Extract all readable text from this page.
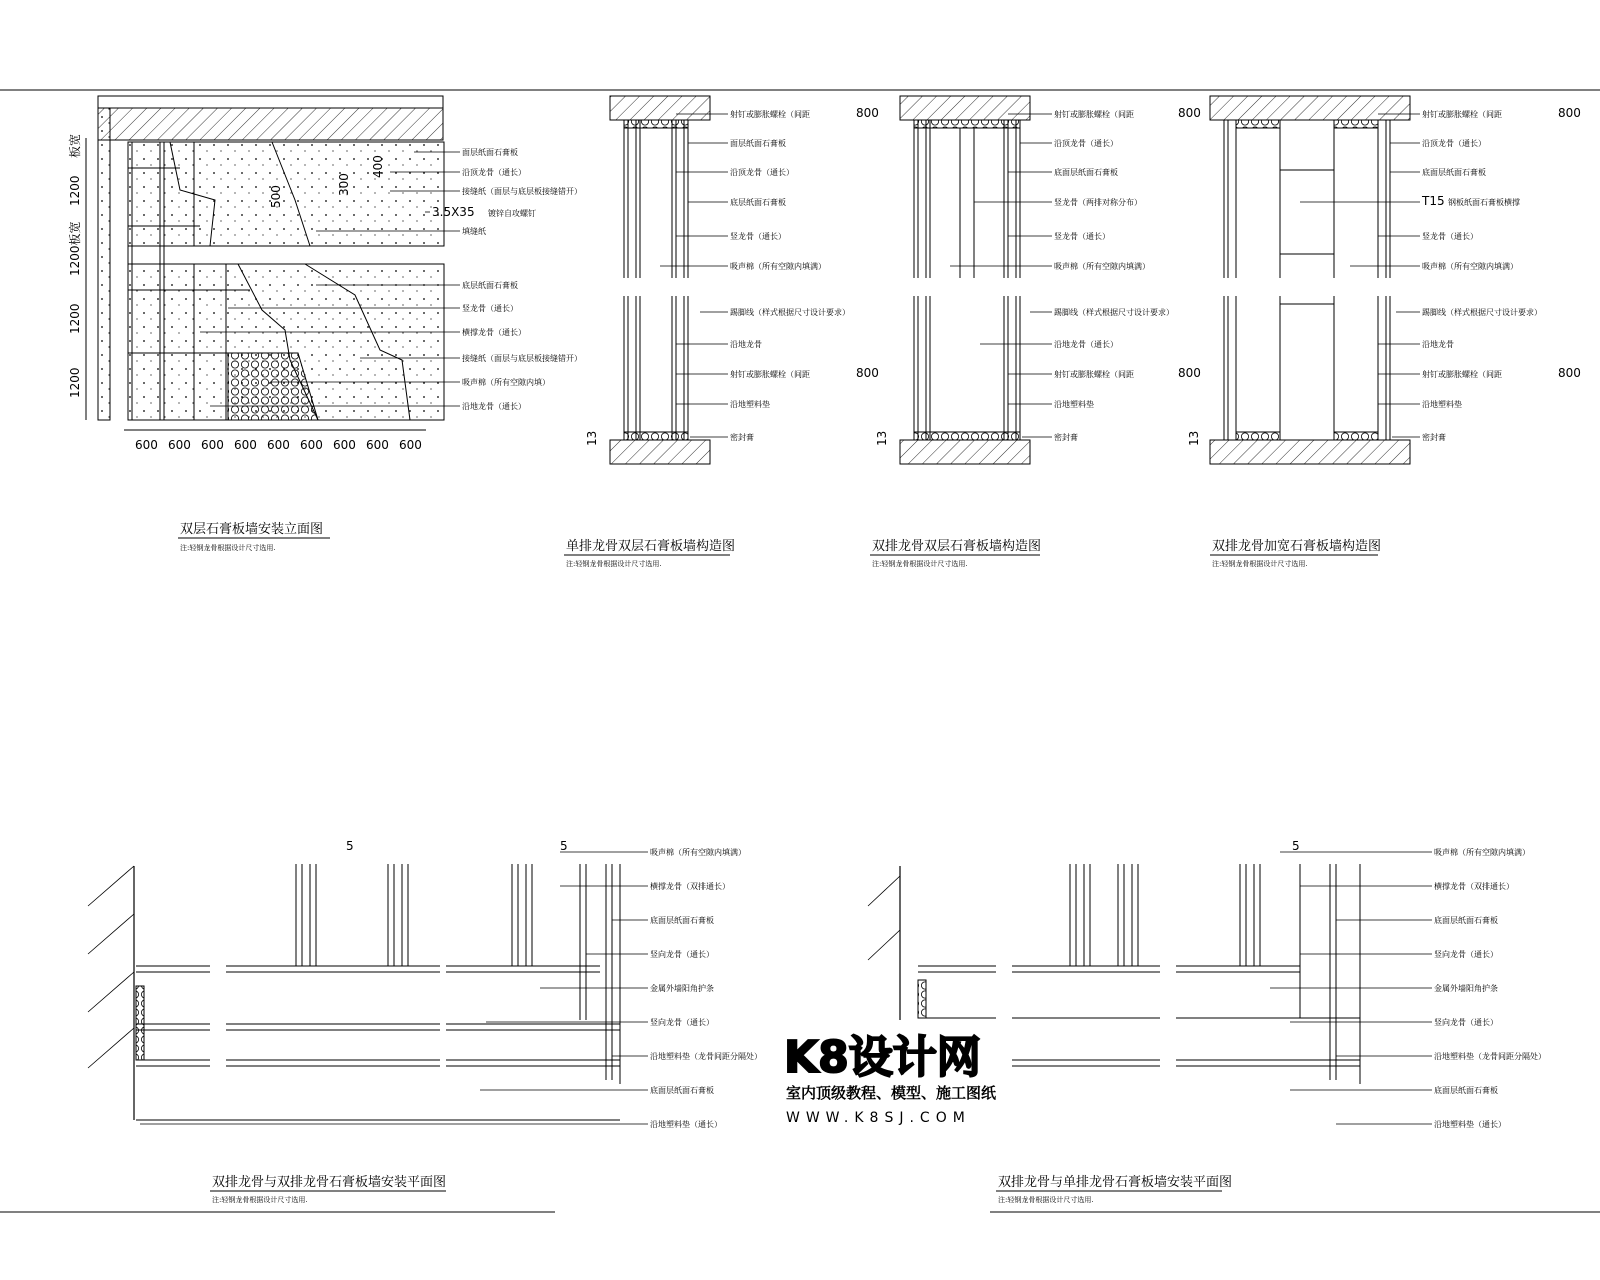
500
300
400
600 600 600 600 600 600 600 600 600
板宽
1200
1200板宽
1200
1200
面层纸面石膏板
沿顶龙骨（通长）
接缝纸（面层与底层板接缝错开）
3.5X35 镀锌自攻螺钉
填缝纸
底层纸面石膏板
竖龙骨（通长）
横撑龙骨（通长）
接缝纸（面层与底层板接缝错开）
吸声棉（所有空隙内填）
沿地龙骨（通长）
双层石膏板墙安装立面图
注:轻钢龙骨根据设计尺寸选用.
射钉或膨胀螺栓（间距
面层纸面石膏板
沿顶龙骨（通长）
底层纸面石膏板
竖龙骨（通长）
吸声棉（所有空隙内填满）
踢脚线（样式根据尺寸设计要求）
沿地龙骨
射钉或膨胀螺栓（间距
沿地塑料垫
密封膏
800
800
13
单排龙骨双层石膏板墙构造图
注:轻钢龙骨根据设计尺寸选用.
射钉或膨胀螺栓（间距
沿顶龙骨（通长）
底面层纸面石膏板
竖龙骨（两排对称分布）
竖龙骨（通长）
吸声棉（所有空隙内填满）
踢脚线（样式根据尺寸设计要求）
沿地龙骨（通长）
射钉或膨胀螺栓（间距
沿地塑料垫
密封膏
800
800
13
双排龙骨双层石膏板墙构造图
注:轻钢龙骨根据设计尺寸选用.
射钉或膨胀螺栓（间距
沿顶龙骨（通长）
底面层纸面石膏板
T15 钢板纸面石膏板横撑
竖龙骨（通长）
吸声棉（所有空隙内填满）
踢脚线（样式根据尺寸设计要求）
沿地龙骨
射钉或膨胀螺栓（间距
沿地塑料垫
密封膏
800
800
13
双排龙骨加宽石膏板墙构造图
注:轻钢龙骨根据设计尺寸选用.
5	5	吸声棉（所有空隙内填满）
横撑龙骨（双排通长）
底面层纸面石膏板
竖向龙骨（通长）
金属外墙阳角护条
竖向龙骨（通长）
沿地塑料垫（龙骨间距分隔处）
底面层纸面石膏板
沿地塑料垫（通长）
双排龙骨与双排龙骨石膏板墙安装平面图
注:轻钢龙骨根据设计尺寸选用.
5	吸声棉（所有空隙内填满）
横撑龙骨（双排通长）
底面层纸面石膏板
竖向龙骨（通长）
金属外墙阳角护条
竖向龙骨（通长）
沿地塑料垫（龙骨间距分隔处）
底面层纸面石膏板
沿地塑料垫（通长）
双排龙骨与单排龙骨石膏板墙安装平面图
注:轻钢龙骨根据设计尺寸选用.
K8设计网
室内顶级教程、模型、施工图纸
WWW.K8SJ.COM
